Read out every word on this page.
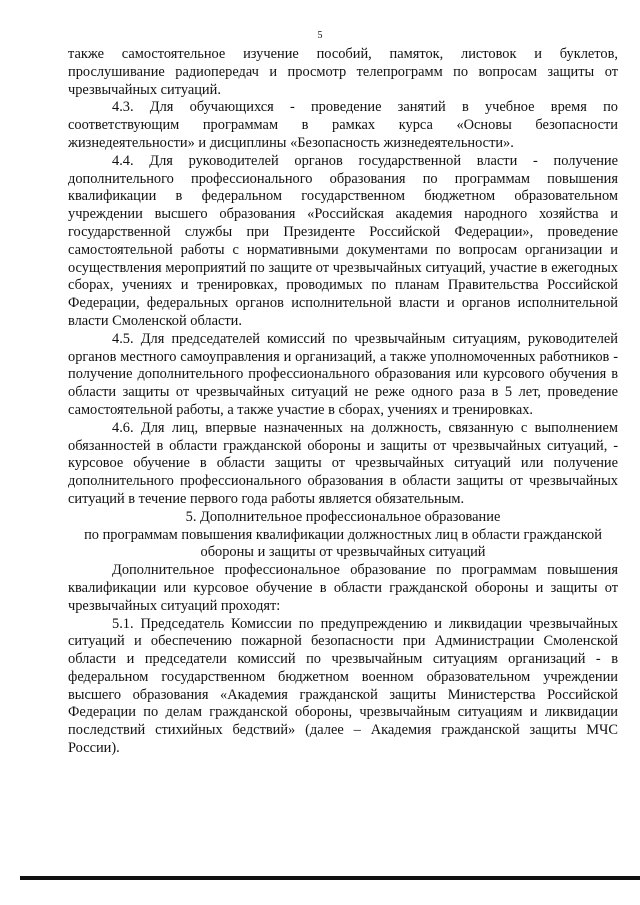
5

также самостоятельное изучение пособий, памяток, листовок и буклетов, прослушивание радиопередач и просмотр телепрограмм по вопросам защиты от чрезвычайных ситуаций.

4.3. Для обучающихся - проведение занятий в учебное время по соответствующим программам в рамках курса «Основы безопасности жизнедеятельности» и дисциплины «Безопасность жизнедеятельности».

4.4. Для руководителей органов государственной власти - получение дополнительного профессионального образования по программам повышения квалификации в федеральном государственном бюджетном образовательном учреждении высшего образования «Российская академия народного хозяйства и государственной службы при Президенте Российской Федерации», проведение самостоятельной работы с нормативными документами по вопросам организации и осуществления мероприятий по защите от чрезвычайных ситуаций, участие в ежегодных сборах, учениях и тренировках, проводимых по планам Правительства Российской Федерации, федеральных органов исполнительной власти и органов исполнительной власти Смоленской области.

4.5. Для председателей комиссий по чрезвычайным ситуациям, руководителей органов местного самоуправления и организаций, а также уполномоченных работников - получение дополнительного профессионального образования или курсового обучения в области защиты от чрезвычайных ситуаций не реже одного раза в 5 лет, проведение самостоятельной работы, а также участие в сборах, учениях и тренировках.

4.6. Для лиц, впервые назначенных на должность, связанную с выполнением обязанностей в области гражданской обороны и защиты от чрезвычайных ситуаций, - курсовое обучение в области защиты от чрезвычайных ситуаций или получение дополнительного профессионального образования в области защиты от чрезвычайных ситуаций в течение первого года работы является обязательным.

5. Дополнительное профессиональное образование
по программам повышения квалификации должностных лиц в области гражданской
обороны и защиты от чрезвычайных ситуаций

Дополнительное профессиональное образование по программам повышения квалификации или курсовое обучение в области гражданской обороны и защиты от чрезвычайных ситуаций проходят:

5.1. Председатель Комиссии по предупреждению и ликвидации чрезвычайных ситуаций и обеспечению пожарной безопасности при Администрации Смоленской области и председатели комиссий по чрезвычайным ситуациям организаций - в федеральном государственном бюджетном военном образовательном учреждении высшего образования «Академия гражданской защиты Министерства Российской Федерации по делам гражданской обороны, чрезвычайным ситуациям и ликвидации последствий стихийных бедствий» (далее – Академия гражданской защиты МЧС России).
